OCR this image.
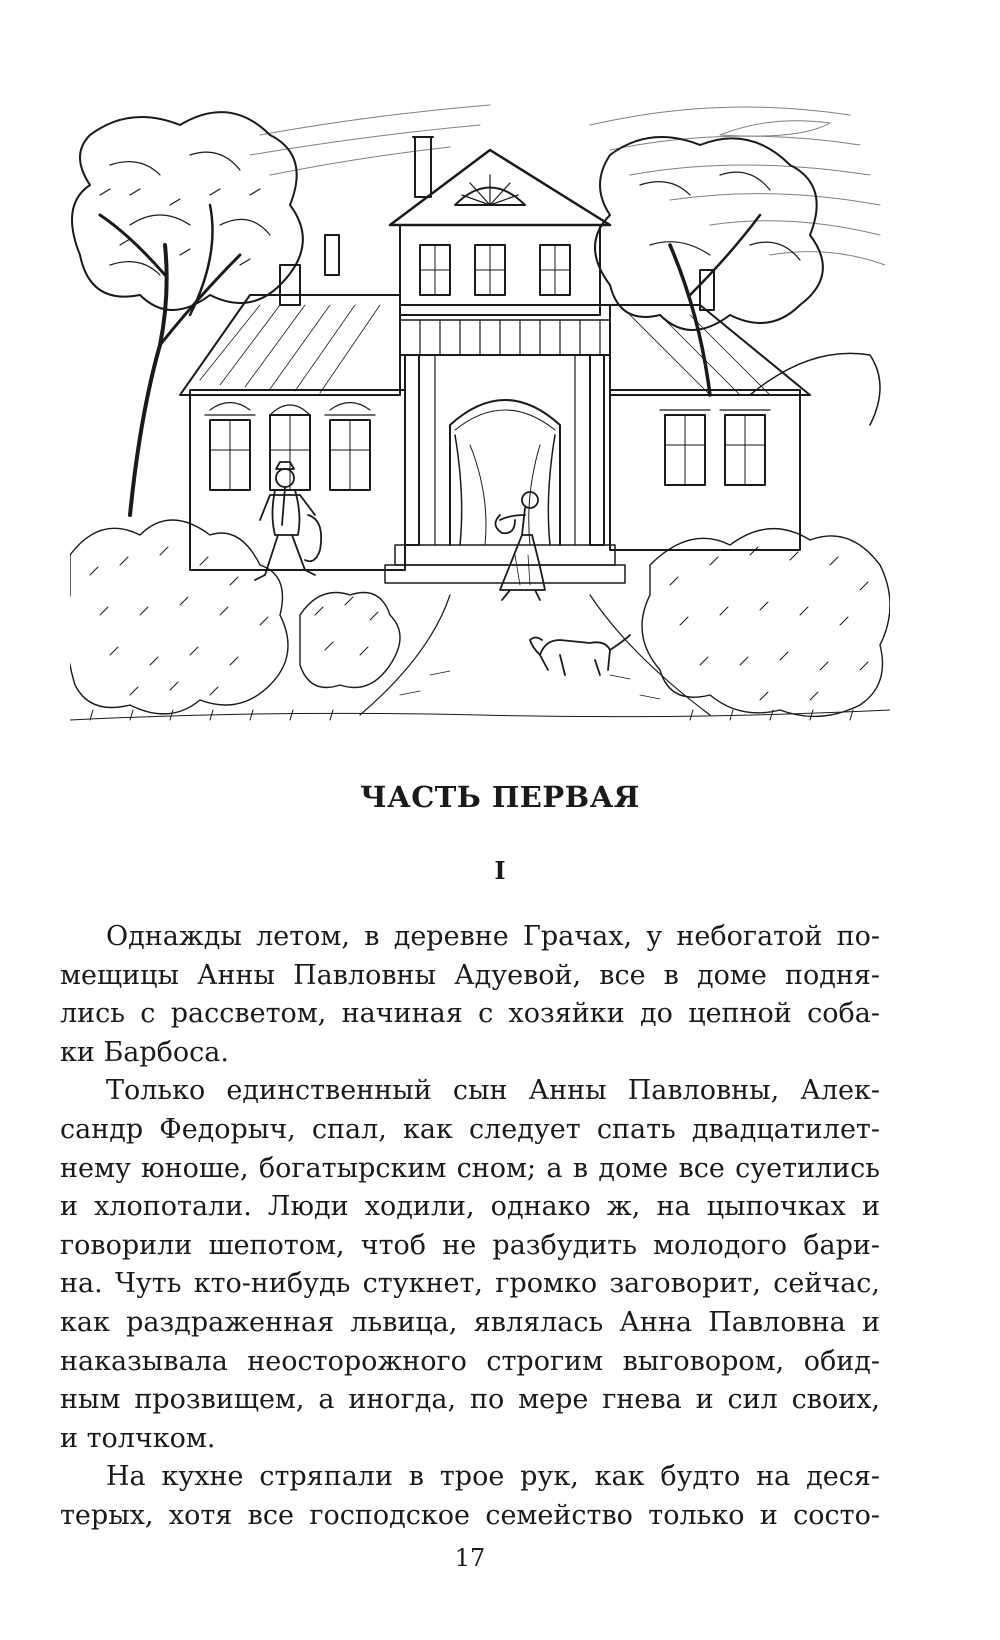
ЧАСТЬ ПЕРВАЯ
I
Однажды летом, в деревне Грачах, у небогатой по-
мещицы Анны Павловны Адуевой, все в доме подня-
лись с рассветом, начиная с хозяйки до цепной соба-
ки Барбоса.
Только единственный сын Анны Павловны, Алек-
сандр Федорыч, спал, как следует спать двадцатилет-
нему юноше, богатырским сном; а в доме все суетились
и хлопотали. Люди ходили, однако ж, на цыпочках и
говорили шепотом, чтоб не разбудить молодого бари-
на. Чуть кто-нибудь стукнет, громко заговорит, сейчас,
как раздраженная львица, являлась Анна Павловна и
наказывала неосторожного строгим выговором, обид-
ным прозвищем, а иногда, по мере гнева и сил своих,
и толчком.
На кухне стряпали в трое рук, как будто на деся-
терых, хотя все господское семейство только и состо-

17
